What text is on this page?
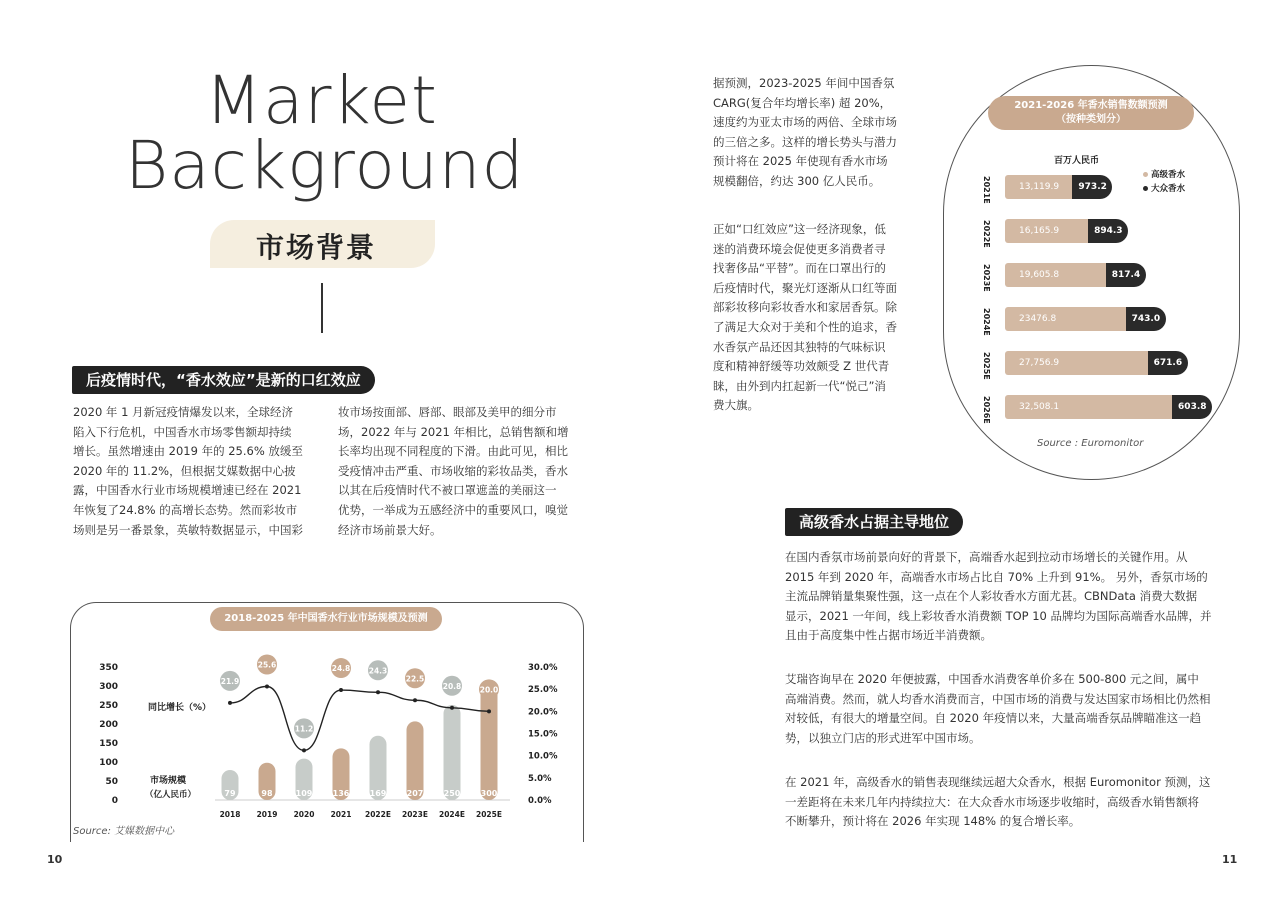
Market
Background
市场背景
后疫情时代，“香水效应”是新的口红效应
2020 年 1 月新冠疫情爆发以来，全球经济
陷入下行危机，中国香水市场零售额却持续
增长。虽然增速由 2019 年的 25.6% 放缓至
2020 年的 11.2%，但根据艾媒数据中心披
露，中国香水行业市场规模增速已经在 2021
年恢复了24.8% 的高增长态势。然而彩妆市
场则是另一番景象，英敏特数据显示，中国彩
妆市场按面部、唇部、眼部及美甲的细分市
场，2022 年与 2021 年相比，总销售额和增
长率均出现不同程度的下滑。由此可见，相比
受疫情冲击严重、市场收缩的彩妆品类，香水
以其在后疫情时代不被口罩遮盖的美丽这一
优势，一举成为五感经济中的重要风口，嗅觉
经济市场前景大好。
2018-2025 年中国香水行业市场规模及预测
350
300
250
200
150
100
50
0
30.0%
25.0%
20.0%
15.0%
10.0%
5.0%
0.0%
79
2018
98
2019
109
2020
136
2021
169
2022E
207
2023E
250
2024E
300
2025E
21.9
25.6
11.2
24.8 24.3
22.5
20.8 20.0
同比增长（%）
市场规模
（亿人民币）
Source: 艾媒数据中心
10
据预测，2023-2025 年间中国香氛
CARG(复合年均增长率) 超 20%，
速度约为亚太市场的两倍、全球市场
的三倍之多。这样的增长势头与潜力
预计将在 2025 年使现有香水市场
规模翻倍，约达 300 亿人民币。
正如“口红效应”这一经济现象，低
迷的消费环境会促使更多消费者寻
找奢侈品“平替”。而在口罩出行的
后疫情时代，聚光灯逐渐从口红等面
部彩妆移向彩妆香水和家居香氛。除
了满足大众对于美和个性的追求，香
水香氛产品还因其独特的气味标识
度和精神舒缓等功效颇受 Z 世代青
睐，由外到内扛起新一代“悦己”消
费大旗。
2021-2026 年香水销售数额预测
（按种类划分）
百万人民币
高级香水
大众香水
2021E	13,119.9	973.2
2022E	16,165.9	894.3
2023E	19,605.8	817.4
2024E	23476.8	743.0
2025E	27,756.9	671.6
2026E	32,508.1	603.8
Source : Euromonitor
高级香水占据主导地位
在国内香氛市场前景向好的背景下，高端香水起到拉动市场增长的关键作用。从
2015 年到 2020 年，高端香水市场占比自 70% 上升到 91%。 另外，香氛市场的
主流品牌销量集聚性强，这一点在个人彩妆香水方面尤甚。CBNData 消费大数据
显示，2021 一年间，线上彩妆香水消费额 TOP 10 品牌均为国际高端香水品牌，并
且由于高度集中性占据市场近半消费额。
艾瑞咨询早在 2020 年便披露，中国香水消费客单价多在 500-800 元之间，属中
高端消费。然而，就人均香水消费而言，中国市场的消费与发达国家市场相比仍然相
对较低，有很大的增量空间。自 2020 年疫情以来，大量高端香氛品牌瞄准这一趋
势，以独立门店的形式进军中国市场。
在 2021 年，高级香水的销售表现继续远超大众香水，根据 Euromonitor 预测，这
一差距将在未来几年内持续拉大：在大众香水市场逐步收缩时，高级香水销售额将
不断攀升，预计将在 2026 年实现 148% 的复合增长率。
11
